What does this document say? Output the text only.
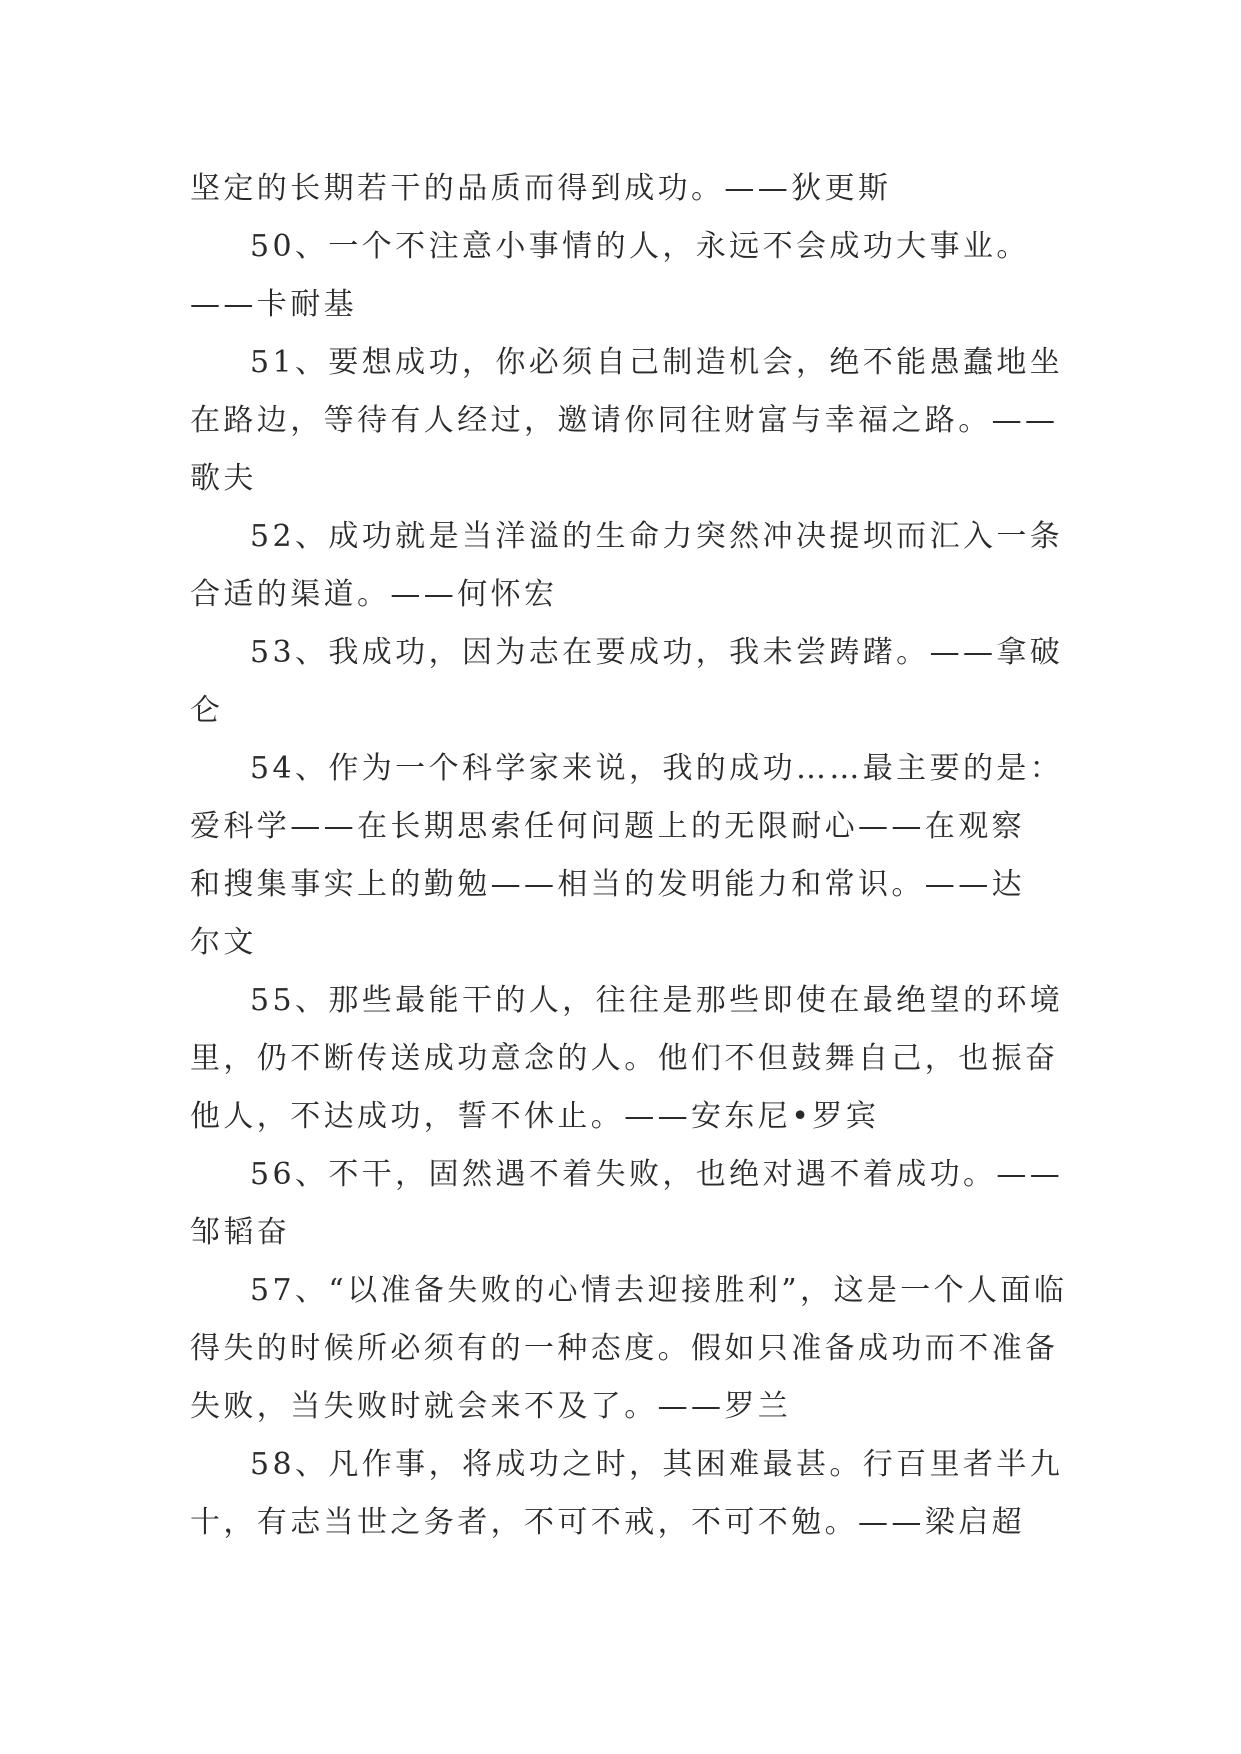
坚定的长期若干的品质而得到成功。——狄更斯
50、一个不注意小事情的人，永远不会成功大事业。
——卡耐基
51、要想成功，你必须自己制造机会，绝不能愚蠢地坐
在路边，等待有人经过，邀请你同往财富与幸福之路。——
歌夫
52、成功就是当洋溢的生命力突然冲决提坝而汇入一条
合适的渠道。——何怀宏
53、我成功，因为志在要成功，我未尝踌躇。——拿破
仑
54、作为一个科学家来说，我的成功……最主要的是：
爱科学——在长期思索任何问题上的无限耐心——在观察
和搜集事实上的勤勉——相当的发明能力和常识。——达
尔文
55、那些最能干的人，往往是那些即使在最绝望的环境
里，仍不断传送成功意念的人。他们不但鼓舞自己，也振奋
他人，不达成功，誓不休止。——安东尼•罗宾
56、不干，固然遇不着失败，也绝对遇不着成功。——
邹韬奋
57、“以准备失败的心情去迎接胜利”，这是一个人面临
得失的时候所必须有的一种态度。假如只准备成功而不准备
失败，当失败时就会来不及了。——罗兰
58、凡作事，将成功之时，其困难最甚。行百里者半九
十，有志当世之务者，不可不戒，不可不勉。——梁启超
